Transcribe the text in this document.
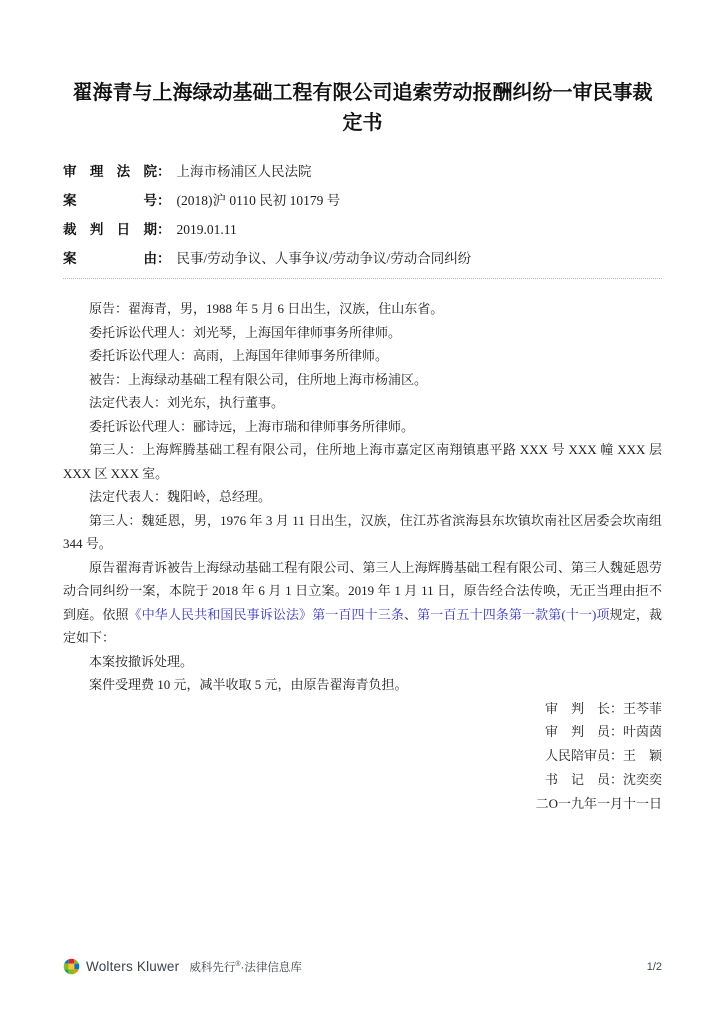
翟海青与上海绿动基础工程有限公司追索劳动报酬纠纷一审民事裁定书
审理法院： 上海市杨浦区人民法院
案号： (2018)沪 0110 民初 10179 号
裁判日期： 2019.01.11
案由： 民事/劳动争议、人事争议/劳动争议/劳动合同纠纷

原告：翟海青，男，1988 年 5 月 6 日出生，汉族，住山东省。

委托诉讼代理人：刘光琴，上海国年律师事务所律师。

委托诉讼代理人：高雨，上海国年律师事务所律师。

被告：上海绿动基础工程有限公司，住所地上海市杨浦区。

法定代表人：刘光东，执行董事。

委托诉讼代理人：郦诗远，上海市瑞和律师事务所律师。

第三人：上海辉腾基础工程有限公司，住所地上海市嘉定区南翔镇惠平路 XXX 号 XXX 幢 XXX 层 XXX 区 XXX 室。

法定代表人：魏阳岭，总经理。

第三人：魏延恩，男，1976 年 3 月 11 日出生，汉族，住江苏省滨海县东坎镇坎南社区居委会坎南组 344 号。

原告翟海青诉被告上海绿动基础工程有限公司、第三人上海辉腾基础工程有限公司、第三人魏延恩劳动合同纠纷一案，本院于 2018 年 6 月 1 日立案。2019 年 1 月 11 日，原告经合法传唤，无正当理由拒不到庭。依照《中华人民共和国民事诉讼法》第一百四十三条、第一百五十四条第一款第(十一)项规定，裁定如下：

本案按撤诉处理。

案件受理费 10 元，减半收取 5 元，由原告翟海青负担。

审　判　长：王芩菲
审　判　员：叶茵茵
人民陪审员：王　颖
书　记　员：沈奕奕
二O一九年一月十一日
Wolters Kluwer 威科先行®·法律信息库	1/2
